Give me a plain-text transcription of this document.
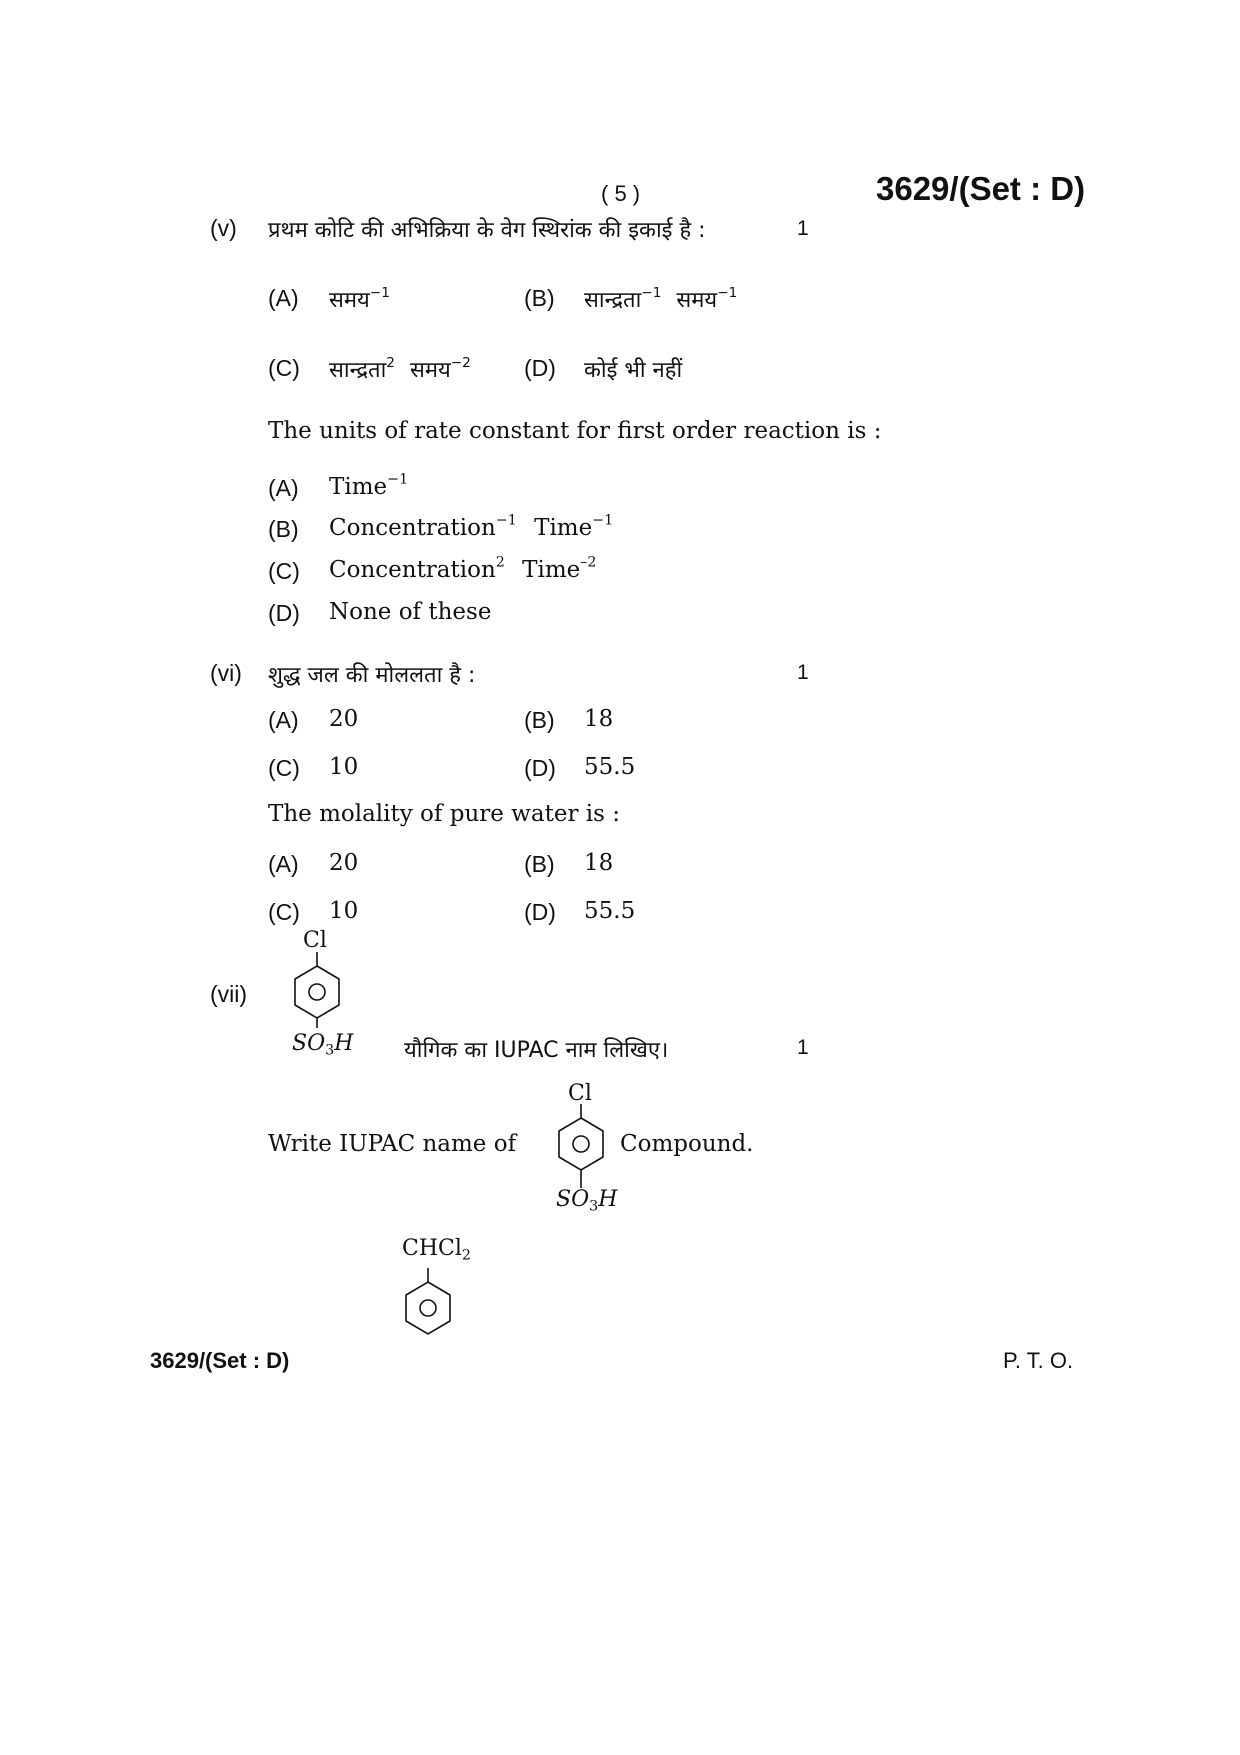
( 5 )	3629/(Set : D)
(v) प्रथम कोटि की अभिक्रिया के वेग स्थिरांक की इकाई है :	1
(A) समय$^{-1}$	(B) सान्द्रता$^{-1}$ समय$^{-1}$
(C) सान्द्रता$^2$ समय$^{-2}$ (D) कोई भी नहीं
The units of rate constant for first order reaction is :
(A) Time$^{-1}$
(B) Concentration$^{-1}$ Time$^{-1}$
(C) Concentration$^2$ Time$^{-2}$
(D) None of these
(vi) शुद्ध जल की मोललता है :	1
(A) 20	(B) 18
(C) 10	(D) 55.5
The molality of pure water is :
(A) 20	(B) 18
(C) 10	(D) 55.5
(vii)
Cl
$SO_3H$ यौगिक का IUPAC नाम लिखिए।	1
Write IUPAC name of
Cl
Compound.
$SO_3H$
CHCl$_2$
3629/(Set : D)	P. T. O.
